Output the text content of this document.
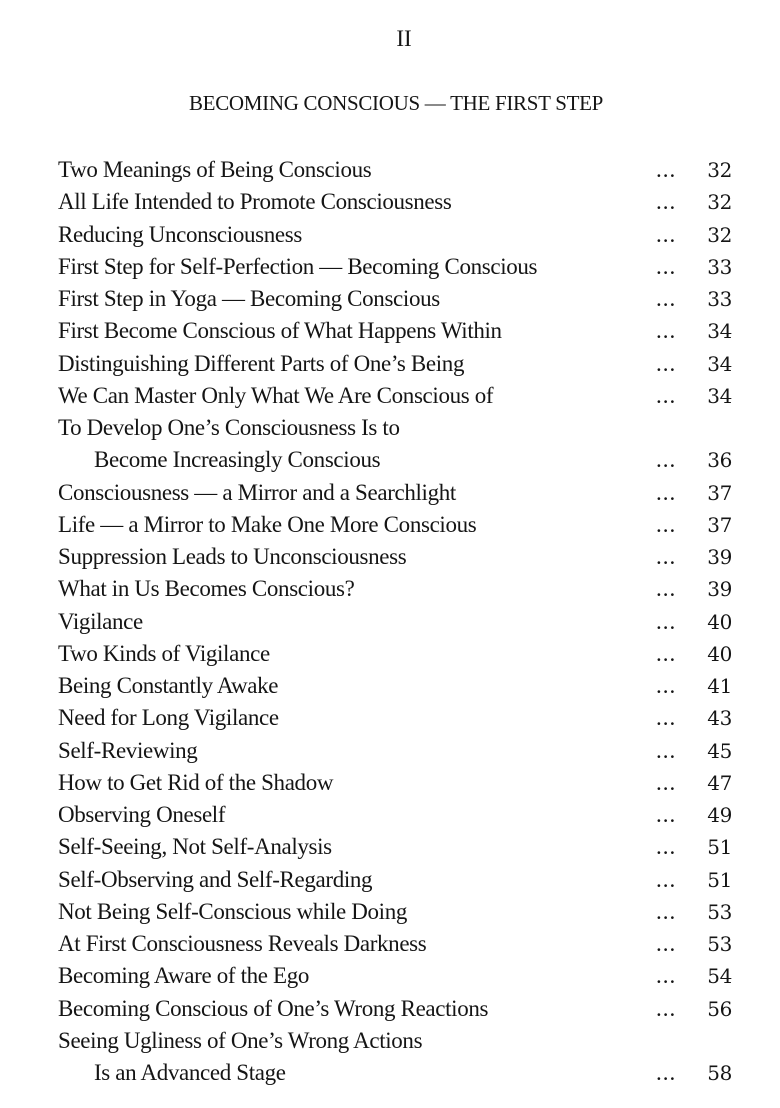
II
BECOMING CONSCIOUS — THE FIRST STEP
Two Meanings of Being Conscious	...	32
All Life Intended to Promote Consciousness	...	32
Reducing Unconsciousness	...	32
First Step for Self-Perfection — Becoming Conscious	...	33
First Step in Yoga — Becoming Conscious	...	33
First Become Conscious of What Happens Within	...	34
Distinguishing Different Parts of One’s Being	...	34
We Can Master Only What We Are Conscious of	...	34
To Develop One’s Consciousness Is to
Become Increasingly Conscious	...	36
Consciousness — a Mirror and a Searchlight	...	37
Life — a Mirror to Make One More Conscious	...	37
Suppression Leads to Unconsciousness	...	39
What in Us Becomes Conscious?	...	39
Vigilance	...	40
Two Kinds of Vigilance	...	40
Being Constantly Awake	...	41
Need for Long Vigilance	...	43
Self-Reviewing	...	45
How to Get Rid of the Shadow	...	47
Observing Oneself	...	49
Self-Seeing, Not Self-Analysis	...	51
Self-Observing and Self-Regarding	...	51
Not Being Self-Conscious while Doing	...	53
At First Consciousness Reveals Darkness	...	53
Becoming Aware of the Ego	...	54
Becoming Conscious of One’s Wrong Reactions	...	56
Seeing Ugliness of One’s Wrong Actions
Is an Advanced Stage	...	58
